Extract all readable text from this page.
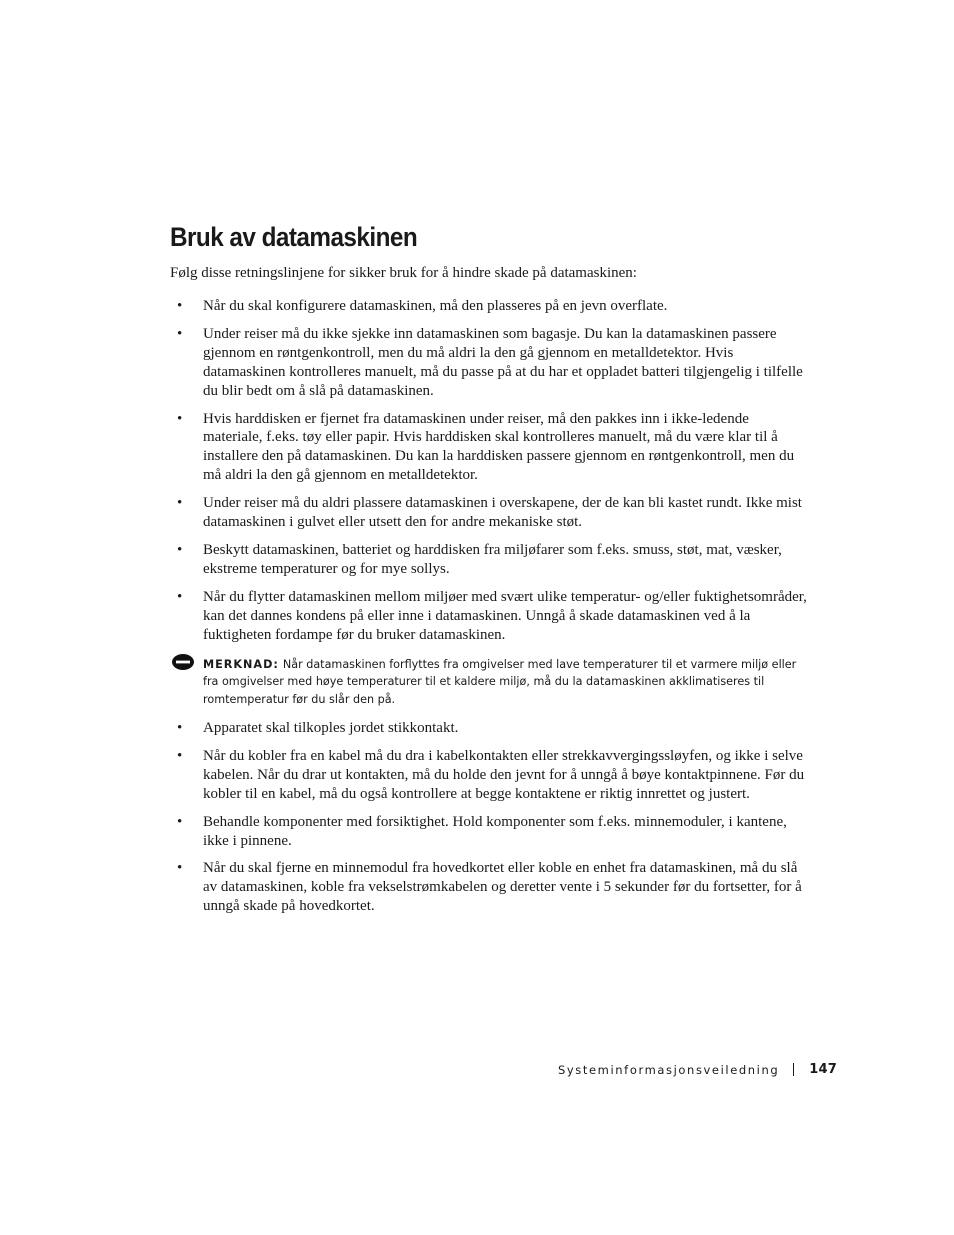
Bruk av datamaskinen

Følg disse retningslinjene for sikker bruk for å hindre skade på datamaskinen:

• Når du skal konfigurere datamaskinen, må den plasseres på en jevn overflate.
• Under reiser må du ikke sjekke inn datamaskinen som bagasje. Du kan la datamaskinen passere gjennom en røntgenkontroll, men du må aldri la den gå gjennom en metalldetektor. Hvis datamaskinen kontrolleres manuelt, må du passe på at du har et oppladet batteri tilgjengelig i tilfelle du blir bedt om å slå på datamaskinen.
• Hvis harddisken er fjernet fra datamaskinen under reiser, må den pakkes inn i ikke-ledende materiale, f.eks. tøy eller papir. Hvis harddisken skal kontrolleres manuelt, må du være klar til å installere den på datamaskinen. Du kan la harddisken passere gjennom en røntgenkontroll, men du må aldri la den gå gjennom en metalldetektor.
• Under reiser må du aldri plassere datamaskinen i overskapene, der de kan bli kastet rundt. Ikke mist datamaskinen i gulvet eller utsett den for andre mekaniske støt.
• Beskytt datamaskinen, batteriet og harddisken fra miljøfarer som f.eks. smuss, støt, mat, væsker, ekstreme temperaturer og for mye sollys.
• Når du flytter datamaskinen mellom miljøer med svært ulike temperatur- og/eller fuktighetsområder, kan det dannes kondens på eller inne i datamaskinen. Unngå å skade datamaskinen ved å la fuktigheten fordampe før du bruker datamaskinen.
MERKNAD: Når datamaskinen forflyttes fra omgivelser med lave temperaturer til et varmere miljø eller fra omgivelser med høye temperaturer til et kaldere miljø, må du la datamaskinen akklimatiseres til romtemperatur før du slår den på.
• Apparatet skal tilkoples jordet stikkontakt.
• Når du kobler fra en kabel må du dra i kabelkontakten eller strekkavvergingssløyfen, og ikke i selve kabelen. Når du drar ut kontakten, må du holde den jevnt for å unngå å bøye kontaktpinnene. Før du kobler til en kabel, må du også kontrollere at begge kontaktene er riktig innrettet og justert.
• Behandle komponenter med forsiktighet. Hold komponenter som f.eks. minnemoduler, i kantene, ikke i pinnene.
• Når du skal fjerne en minnemodul fra hovedkortet eller koble en enhet fra datamaskinen, må du slå av datamaskinen, koble fra vekselstrømkabelen og deretter vente i 5 sekunder før du fortsetter, for å unngå skade på hovedkortet.
Systeminformasjonsveiledning 147
